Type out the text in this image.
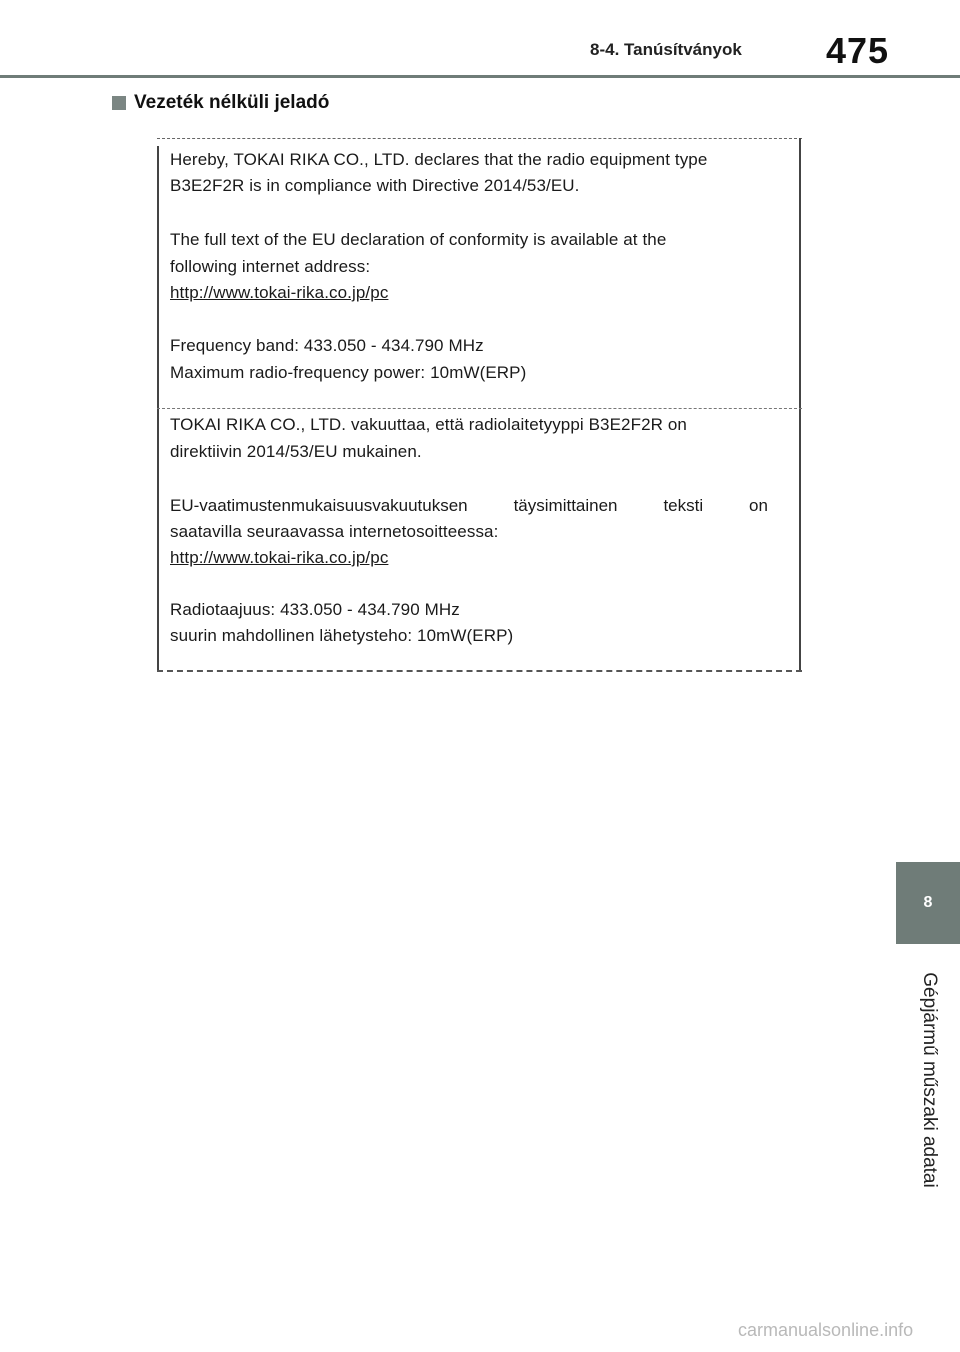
8-4. Tanúsítványok 475
Vezeték nélküli jeladó
Hereby, TOKAI RIKA CO., LTD. declares that the radio equipment type
B3E2F2R is in compliance with Directive 2014/53/EU.
The full text of the EU declaration of conformity is available at the
following internet address:
http://www.tokai-rika.co.jp/pc
Frequency band: 433.050 - 434.790 MHz
Maximum radio-frequency power: 10mW(ERP)
TOKAI RIKA CO., LTD. vakuuttaa, että radiolaitetyyppi B3E2F2R on
direktiivin 2014/53/EU mukainen.
EU-vaatimustenmukaisuusvakuutuksen	täysimittainen	teksti	on
saatavilla seuraavassa internetosoitteessa:
http://www.tokai-rika.co.jp/pc
Radiotaajuus: 433.050 - 434.790 MHz
suurin mahdollinen lähetysteho: 10mW(ERP)
8
Gépjármű műszaki adatai
carmanualsonline.info
